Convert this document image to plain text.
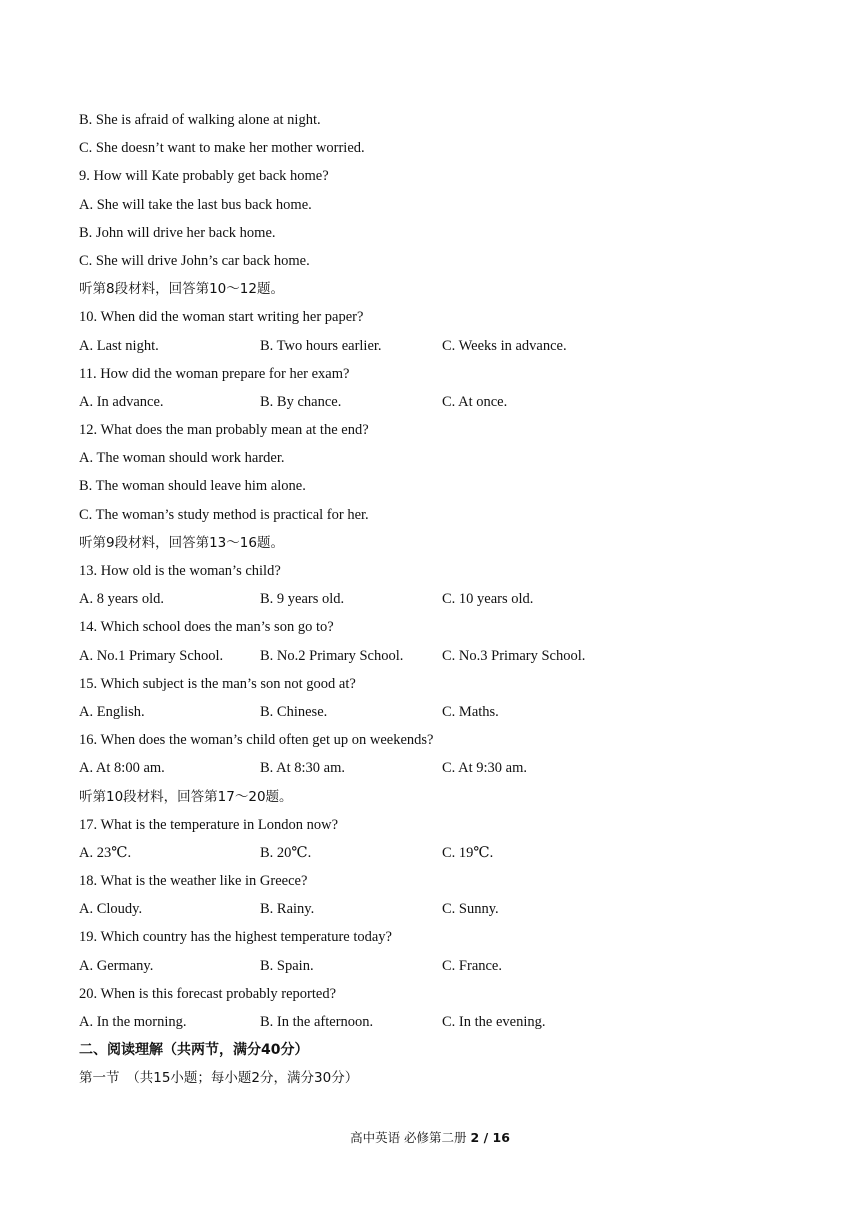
B. She is afraid of walking alone at night.
C. She doesn’t want to make her mother worried.
9. How will Kate probably get back home?
A. She will take the last bus back home.
B. John will drive her back home.
C. She will drive John’s car back home.
听第8段材料，回答第10～12题。
10. When did the woman start writing her paper?
A. Last night.	B. Two hours earlier.	C. Weeks in advance.
11. How did the woman prepare for her exam?
A. In advance.	B. By chance.	C. At once.
12. What does the man probably mean at the end?
A. The woman should work harder.
B. The woman should leave him alone.
C. The woman’s study method is practical for her.
听第9段材料，回答第13～16题。
13. How old is the woman’s child?
A. 8 years old.	B. 9 years old.	C. 10 years old.
14. Which school does the man’s son go to?
A. No.1 Primary School.	B. No.2 Primary School.	C. No.3 Primary School.
15. Which subject is the man’s son not good at?
A. English.	B. Chinese.	C. Maths.
16. When does the woman’s child often get up on weekends?
A. At 8:00 am.	B. At 8:30 am.	C. At 9:30 am.
听第10段材料，回答第17～20题。
17. What is the temperature in London now?
A. 23℃.	B. 20℃.	C. 19℃.
18. What is the weather like in Greece?
A. Cloudy.	B. Rainy.	C. Sunny.
19. Which country has the highest temperature today?
A. Germany.	B. Spain.	C. France.
20. When is this forecast probably reported?
A. In the morning.	B. In the afternoon.	C. In the evening.
二、阅读理解（共两节，满分40分）
第一节　（共15小题；每小题2分，满分30分）
高中英语 必修第二册 2 / 16
